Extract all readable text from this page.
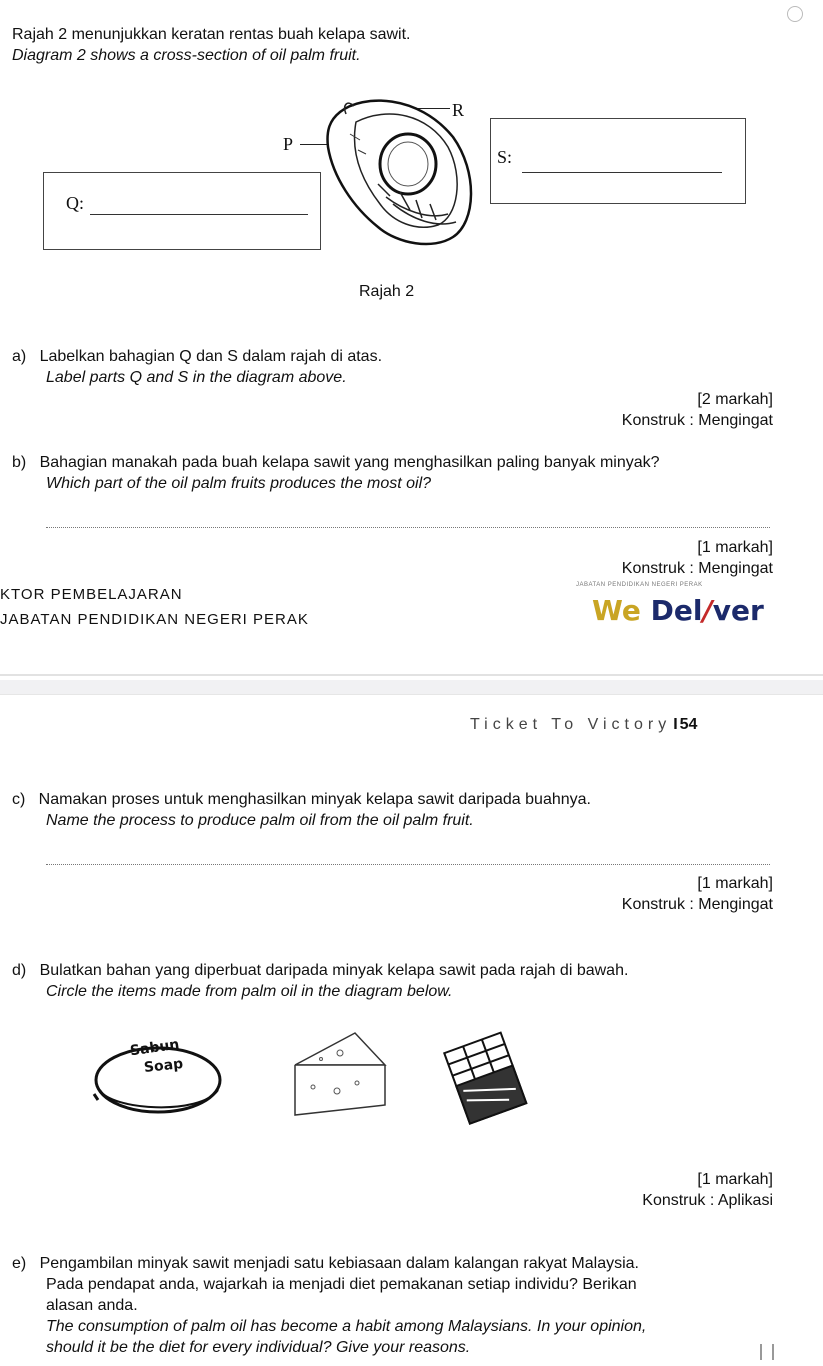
Rajah 2 menunjukkan keratan rentas buah kelapa sawit.
Diagram 2 shows a cross-section of oil palm fruit.
R
P
S:
Q:
Rajah 2
a)   Labelkan bahagian Q dan S dalam rajah di atas.
Label parts Q and S in the diagram above.
[2 markah]
Konstruk : Mengingat
b)   Bahagian manakah pada buah kelapa sawit yang menghasilkan paling banyak minyak?
Which part of the oil palm fruits produces the most oil?
[1 markah]
Konstruk : Mengingat
KTOR PEMBELAJARAN
JABATAN PENDIDIKAN NEGERI PERAK
JABATAN PENDIDIKAN NEGERI PERAK
We Del/ver
Ticket To Victory I 54
c)   Namakan proses untuk menghasilkan minyak kelapa sawit daripada buahnya.
Name the process to produce palm oil from the oil palm fruit.
[1 markah]
Konstruk : Mengingat
d)   Bulatkan bahan yang diperbuat daripada minyak kelapa sawit pada rajah di bawah.
Circle the items made from palm oil in the diagram below.
Sabun
Soap
[1 markah]
Konstruk : Aplikasi
e)   Pengambilan minyak sawit menjadi satu kebiasaan dalam kalangan rakyat Malaysia.
Pada pendapat anda, wajarkah ia menjadi diet pemakanan setiap individu? Berikan
alasan anda.
The consumption of palm oil has become a habit among Malaysians. In your opinion,
should it be the diet for every individual? Give your reasons.
